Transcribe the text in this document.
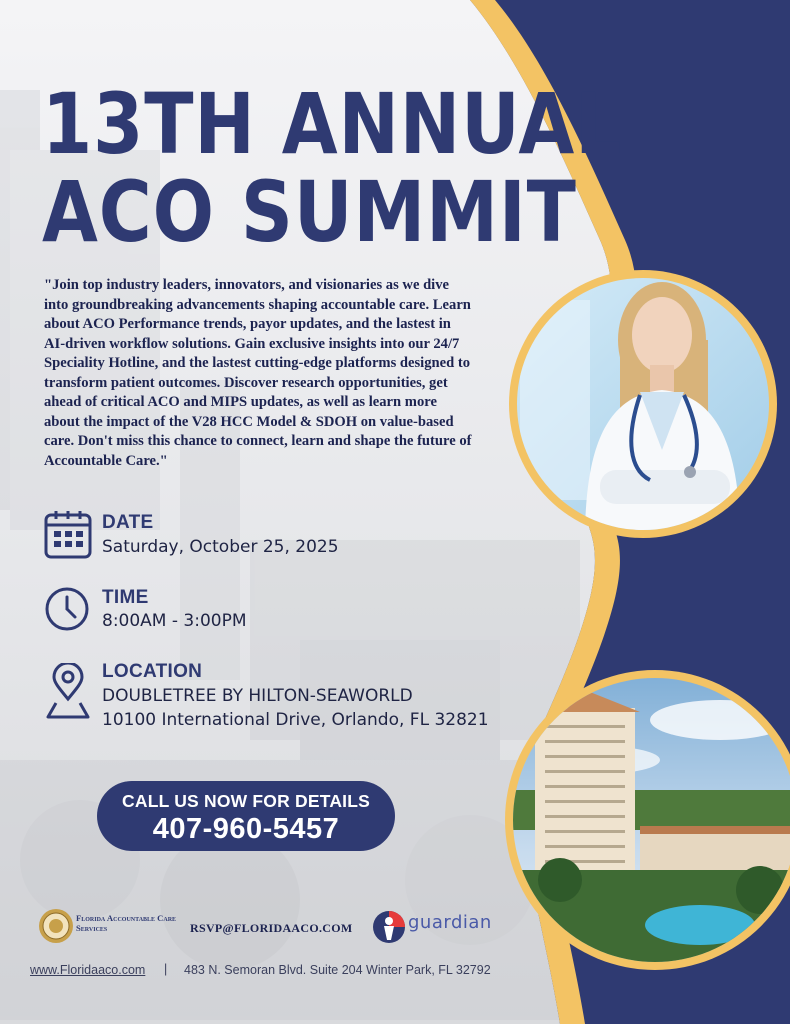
13TH ANNUAL
ACO SUMMIT

"Join top industry leaders, innovators, and visionaries as we dive into groundbreaking advancements shaping accountable care. Learn about ACO Performance trends, payor updates, and the lastest in AI-driven workflow solutions. Gain exclusive insights into our 24/7 Speciality Hotline, and the lastest cutting-edge platforms designed to transform patient outcomes. Discover research opportunities, get ahead of critical ACO and MIPS updates, as well as learn more about the impact of the V28 HCC Model & SDOH on value-based care. Don't miss this chance to connect, learn and shape the future of Accountable Care."

DATE
Saturday, October 25, 2025
TIME
8:00AM - 3:00PM
LOCATION
DOUBLETREE BY HILTON-SEAWORLD
10100 International Drive, Orlando, FL 32821
CALL US NOW FOR DETAILS
407-960-5457
Florida Accountable Care Services	RSVP@FLORIDAACO.COM	guardian
www.Floridaaco.com | 483 N. Semoran Blvd. Suite 204 Winter Park, FL 32792
